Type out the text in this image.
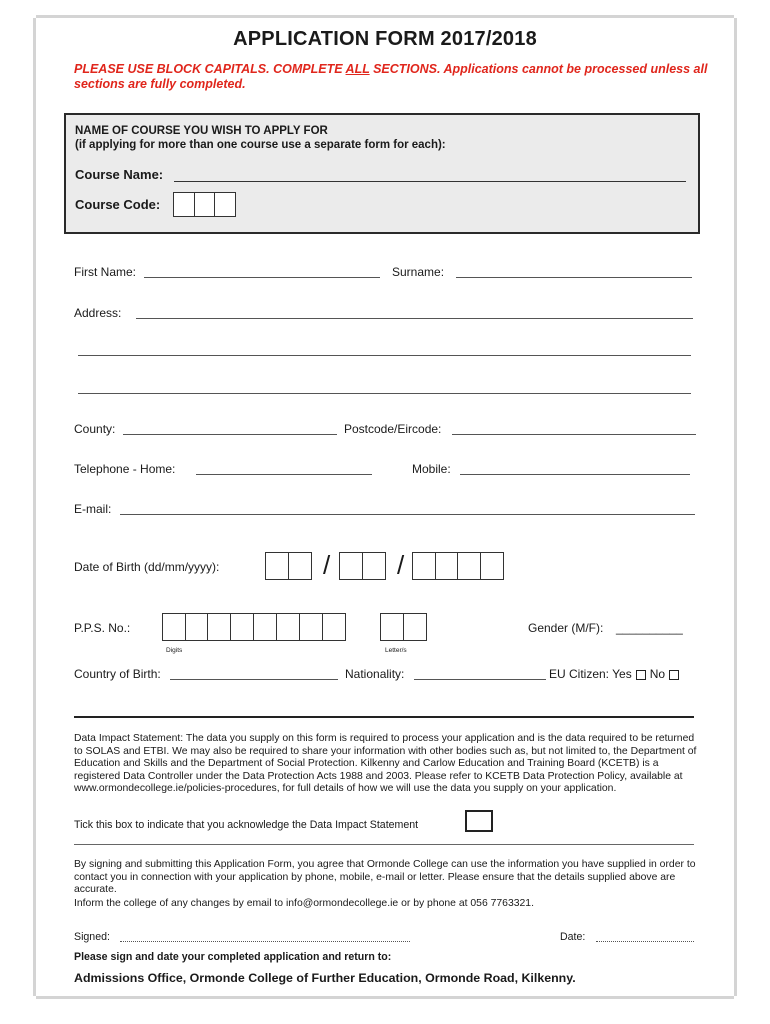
APPLICATION FORM 2017/2018
PLEASE USE BLOCK CAPITALS. COMPLETE ALL SECTIONS. Applications cannot be processed unless all sections are fully completed.
NAME OF COURSE YOU WISH TO APPLY FOR
(if applying for more than one course use a separate form for each):
Course Name:
Course Code:
First Name:	Surname:
Address:
County:	Postcode/Eircode:
Telephone - Home:	Mobile:
E-mail:
Date of Birth (dd/mm/yyyy):	/	/
P.P.S. No.:
Digits	Letter/s
Gender (M/F): __________
Country of Birth:	Nationality:	EU Citizen: Yes No
Data Impact Statement: The data you supply on this form is required to process your application and is the data required to be returned to SOLAS and ETBI. We may also be required to share your information with other bodies such as, but not limited to, the Department of Education and Skills and the Department of Social Protection. Kilkenny and Carlow Education and Training Board (KCETB) is a registered Data Controller under the Data Protection Acts 1988 and 2003. Please refer to KCETB Data Protection Policy, available at www.ormondecollege.ie/policies-procedures, for full details of how we will use the data you supply on your application.
Tick this box to indicate that you acknowledge the Data Impact Statement
By signing and submitting this Application Form, you agree that Ormonde College can use the information you have supplied in order to contact you in connection with your application by phone, mobile, e-mail or letter. Please ensure that the details supplied above are accurate.
Inform the college of any changes by email to info@ormondecollege.ie or by phone at 056 7763321.
Signed:	Date:
Please sign and date your completed application and return to:
Admissions Office, Ormonde College of Further Education, Ormonde Road, Kilkenny.
